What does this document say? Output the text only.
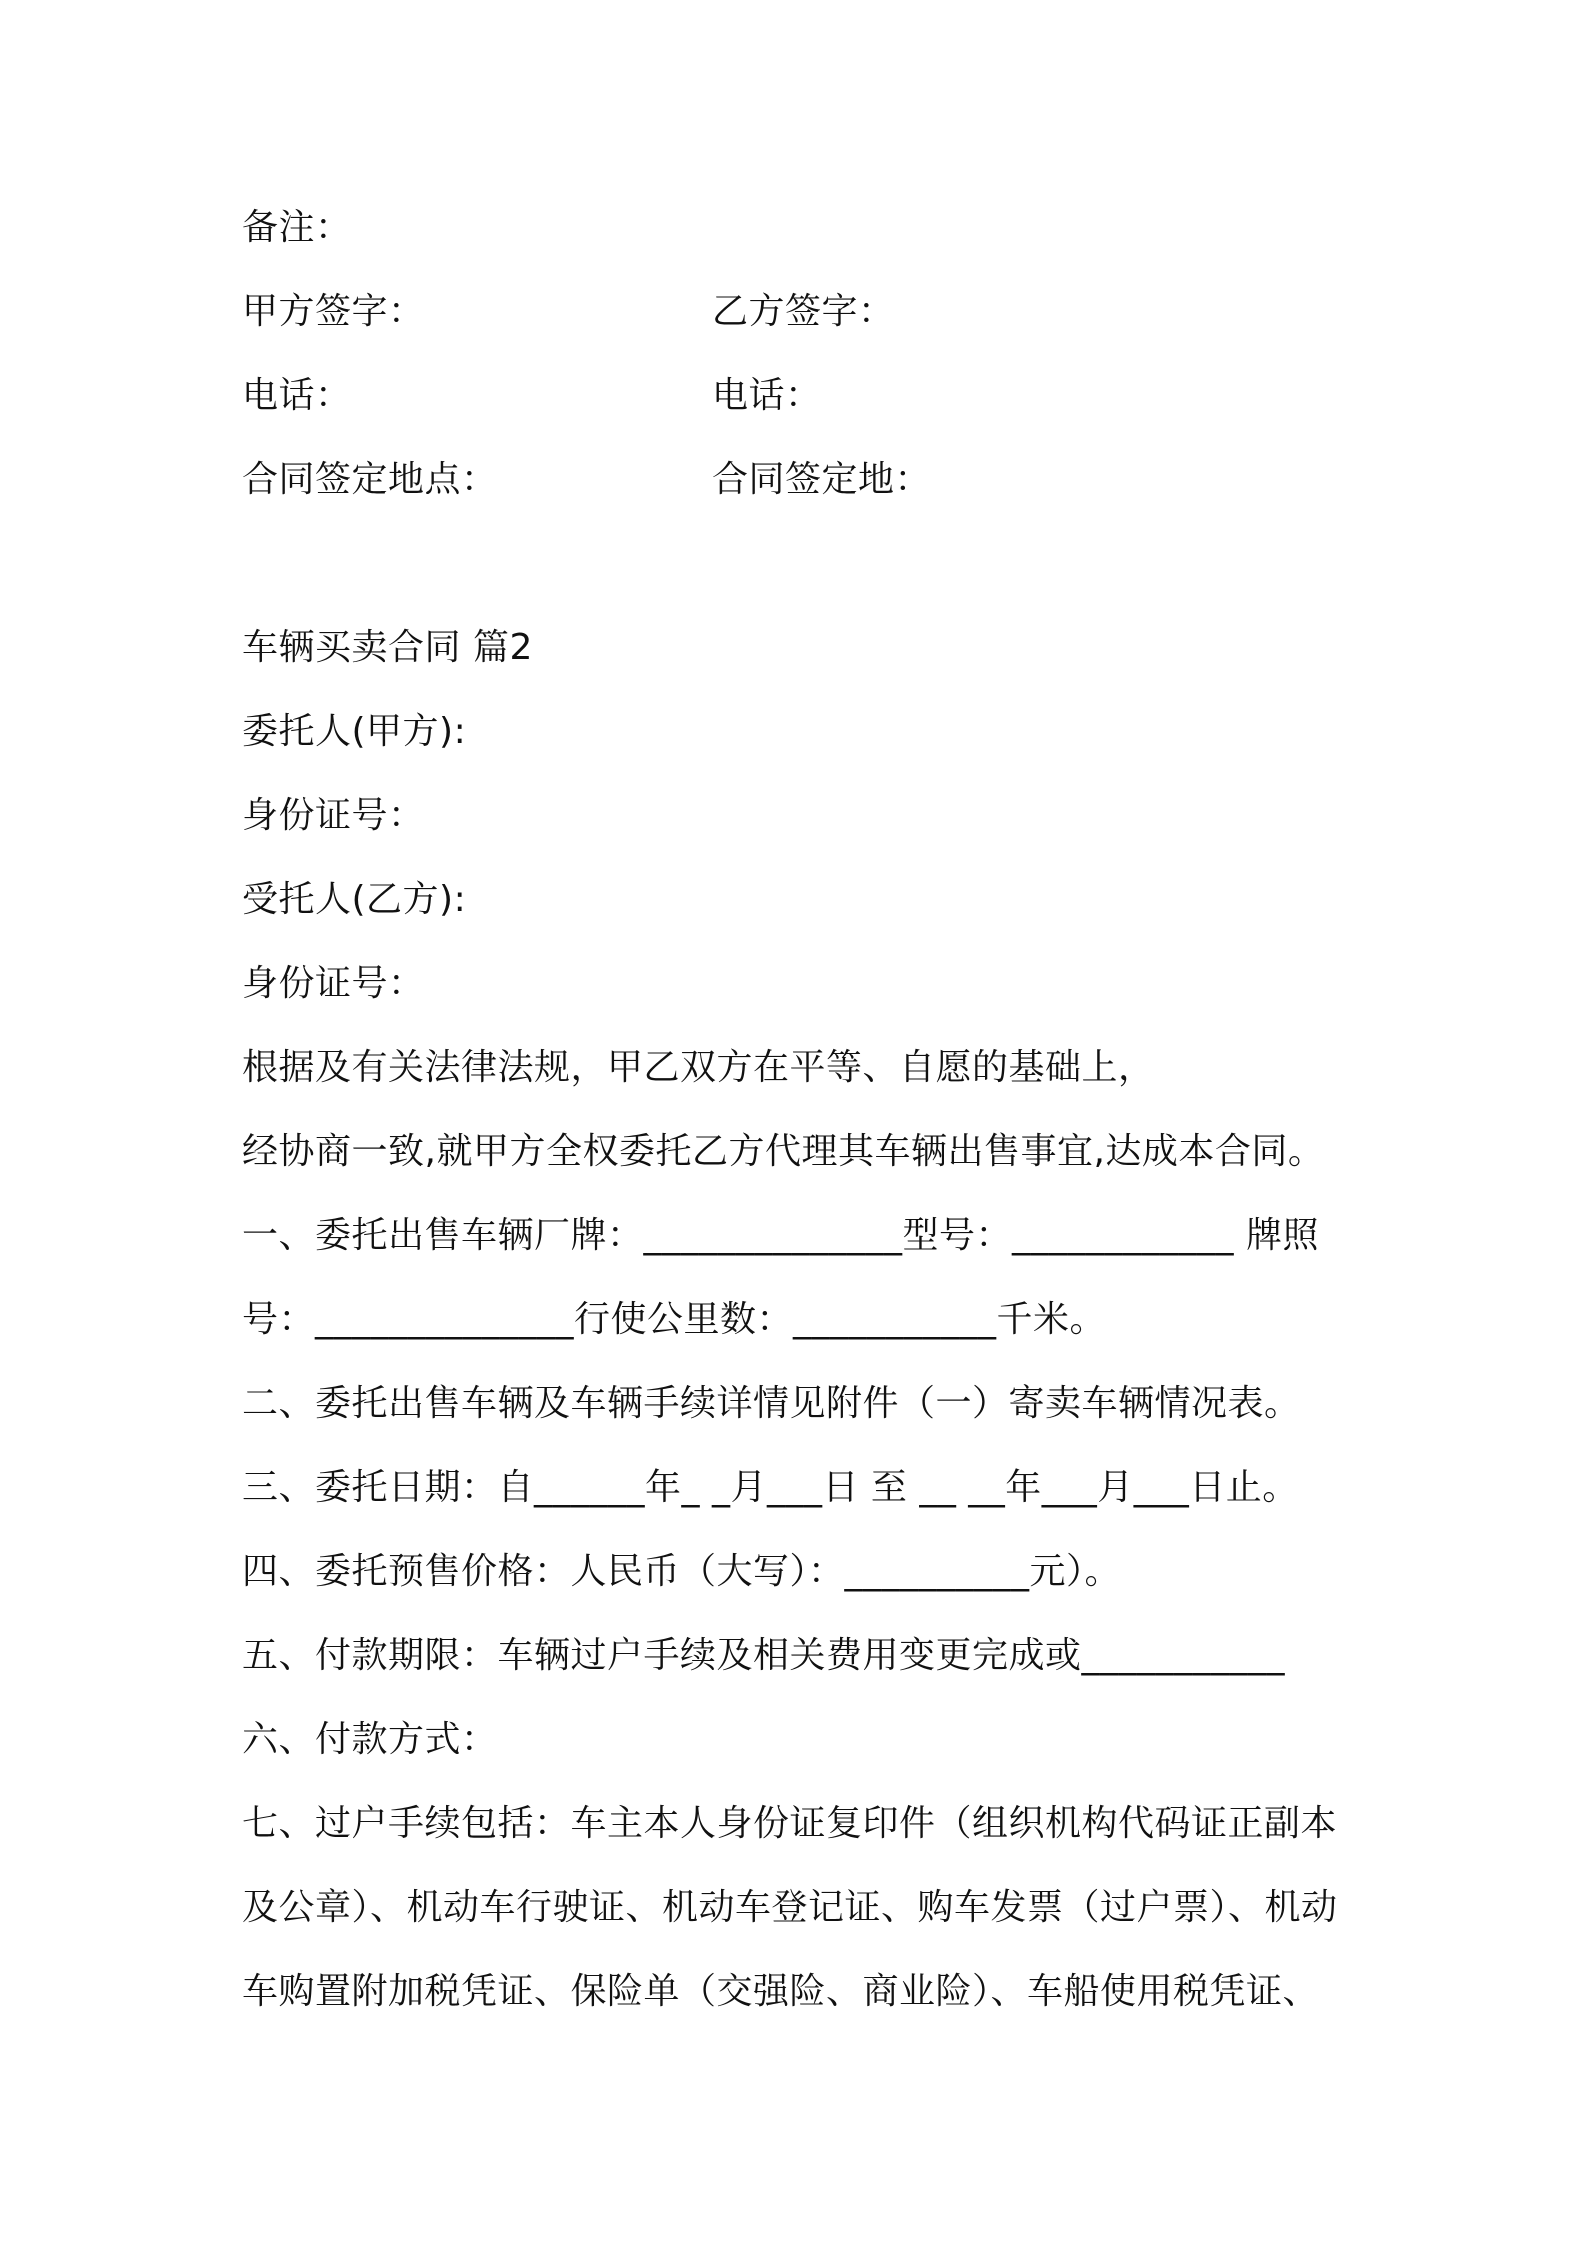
备注：
甲方签字：	乙方签字：
电话：	电话：
合同签定地点：	合同签定地：
车辆买卖合同 篇2
委托人(甲方):
身份证号：
受托人(乙方):
身份证号：
根据及有关法律法规，甲乙双方在平等、自愿的基础上，
经协商一致,就甲方全权委托乙方代理其车辆出售事宜,达成本合同。
一、委托出售车辆厂牌：______________型号：____________ 牌照
号：______________行使公里数：___________千米。
二、委托出售车辆及车辆手续详情见附件（一）寄卖车辆情况表。
三、委托日期：自______年_ _月___日 至 __ __年___月___日止。
四、委托预售价格：人民币（大写）：__________元）。
五、付款期限：车辆过户手续及相关费用变更完成或___________
六、付款方式：
七、过户手续包括：车主本人身份证复印件（组织机构代码证正副本
及公章）、机动车行驶证、机动车登记证、购车发票（过户票）、机动
车购置附加税凭证、保险单（交强险、商业险）、车船使用税凭证、
